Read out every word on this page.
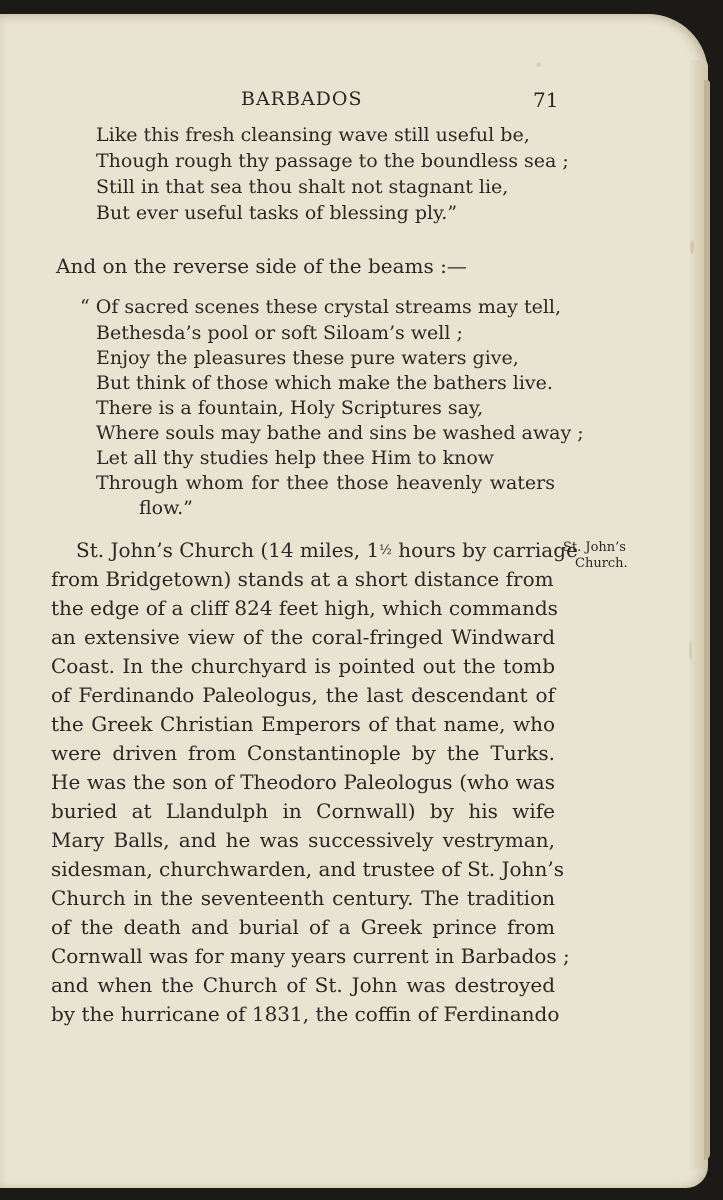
BARBADOS	71
Like this fresh cleansing wave still useful be,
Though rough thy passage to the boundless sea ;
Still in that sea thou shalt not stagnant lie,
But ever useful tasks of blessing ply.”
And on the reverse side of the beams :—
“ Of sacred scenes these crystal streams may tell,
Bethesda’s pool or soft Siloam’s well ;
Enjoy the pleasures these pure waters give,
But think of those which make the bathers live.
There is a fountain, Holy Scriptures say,
Where souls may bathe and sins be washed away ;
Let all thy studies help thee Him to know
Through whom for thee those heavenly waters
flow.”
St. John’s
Church.
St. John’s Church (14 miles, 1½ hours by carriage
from Bridgetown) stands at a short distance from
the edge of a cliff 824 feet high, which commands
an extensive view of the coral-fringed Windward
Coast. In the churchyard is pointed out the tomb
of Ferdinando Paleologus, the last descendant of
the Greek Christian Emperors of that name, who
were driven from Constantinople by the Turks.
He was the son of Theodoro Paleologus (who was
buried at Llandulph in Cornwall) by his wife
Mary Balls, and he was successively vestryman,
sidesman, churchwarden, and trustee of St. John’s
Church in the seventeenth century. The tradition
of the death and burial of a Greek prince from
Cornwall was for many years current in Barbados ;
and when the Church of St. John was destroyed
by the hurricane of 1831, the coffin of Ferdinando
